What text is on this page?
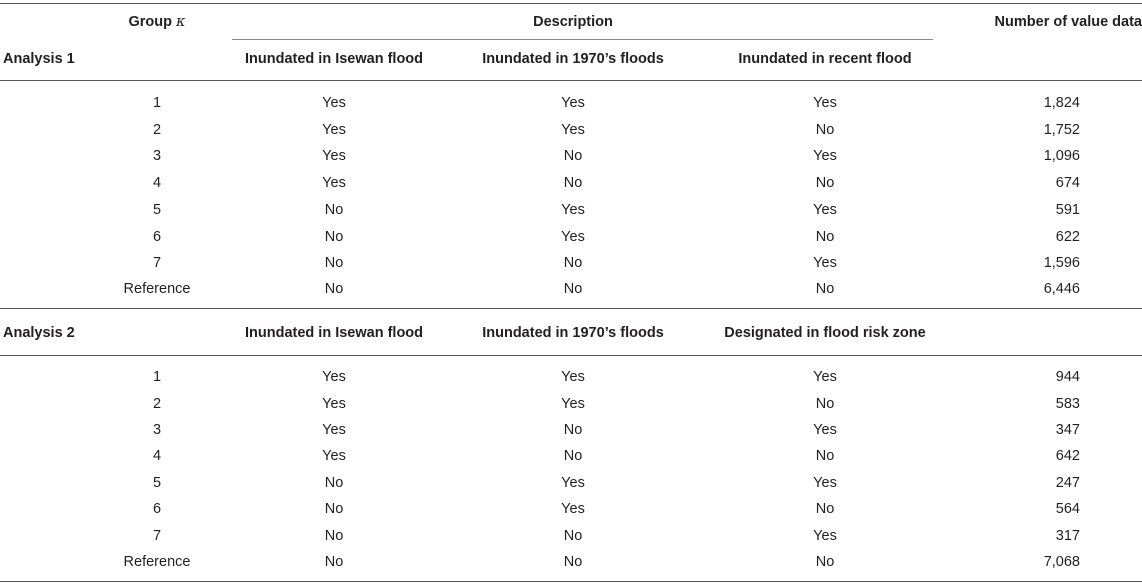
Group κ	Description	Number of value data
Analysis 1	Inundated in Isewan flood	Inundated in 1970’s floods	Inundated in recent flood
1	Yes	Yes	Yes	1,824
2	Yes	Yes	No	1,752
3	Yes	No	Yes	1,096
4	Yes	No	No	674
5	No	Yes	Yes	591
6	No	Yes	No	622
7	No	No	Yes	1,596
Reference	No	No	No	6,446
Analysis 2	Inundated in Isewan flood	Inundated in 1970’s floods	Designated in flood risk zone
1	Yes	Yes	Yes	944
2	Yes	Yes	No	583
3	Yes	No	Yes	347
4	Yes	No	No	642
5	No	Yes	Yes	247
6	No	Yes	No	564
7	No	No	Yes	317
Reference	No	No	No	7,068
